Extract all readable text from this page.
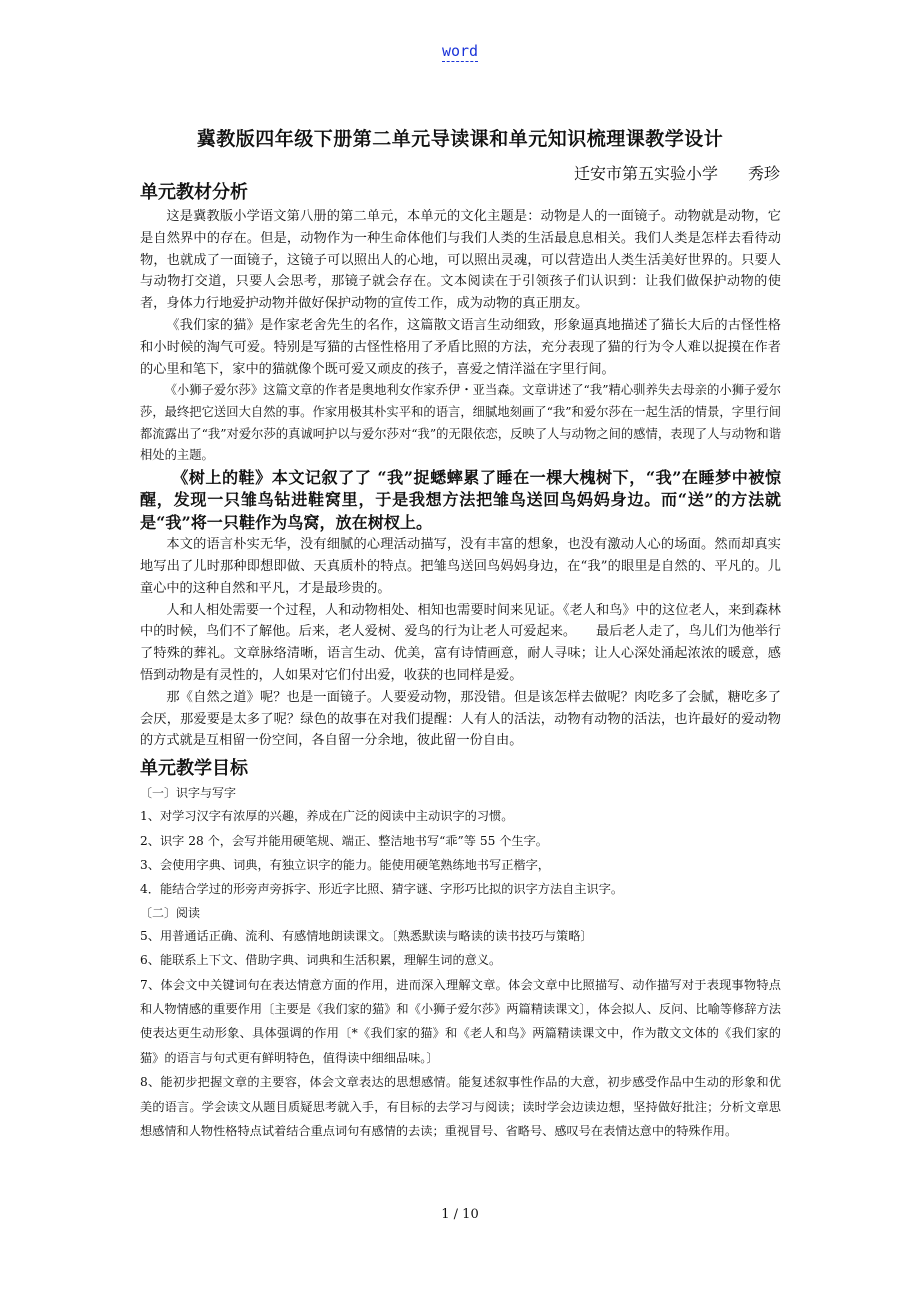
word
冀教版四年级下册第二单元导读课和单元知识梳理课教学设计
迁安市第五实验小学 秀珍
单元教材分析

这是冀教版小学语文第八册的第二单元，本单元的文化主题是：动物是人的一面镜子。动物就是动物，它是自然界中的存在。但是，动物作为一种生命体他们与我们人类的生活最息息相关。我们人类是怎样去看待动物，也就成了一面镜子，这镜子可以照出人的心地，可以照出灵魂，可以营造出人类生活美好世界的。只要人与动物打交道，只要人会思考，那镜子就会存在。文本阅读在于引领孩子们认识到：让我们做保护动物的使者，身体力行地爱护动物并做好保护动物的宣传工作，成为动物的真正朋友。

《我们家的猫》是作家老舍先生的名作，这篇散文语言生动细致，形象逼真地描述了猫长大后的古怪性格和小时候的淘气可爱。特别是写猫的古怪性格用了矛盾比照的方法，充分表现了猫的行为令人难以捉摸在作者的心里和笔下，家中的猫就像个既可爱又顽皮的孩子，喜爱之情洋溢在字里行间。

《小狮子爱尔莎》这篇文章的作者是奥地利女作家乔伊・亚当森。文章讲述了“我”精心驯养失去母亲的小狮子爱尔莎，最终把它送回大自然的事。作家用极其朴实平和的语言，细腻地刻画了“我”和爱尔莎在一起生活的情景，字里行间都流露出了“我”对爱尔莎的真诚呵护以与爱尔莎对“我”的无限依恋，反映了人与动物之间的感情，表现了人与动物和谐相处的主题。

《树上的鞋》本文记叙了了 “我”捉蟋蟀累了睡在一棵大槐树下，“我”在睡梦中被惊醒，发现一只雏鸟钻进鞋窝里，于是我想方法把雏鸟送回鸟妈妈身边。而“送”的方法就是“我”将一只鞋作为鸟窝，放在树杈上。

本文的语言朴实无华，没有细腻的心理活动描写，没有丰富的想象，也没有激动人心的场面。然而却真实地写出了儿时那种即想即做、天真质朴的特点。把雏鸟送回鸟妈妈身边，在“我”的眼里是自然的、平凡的。儿童心中的这种自然和平凡，才是最珍贵的。

人和人相处需要一个过程，人和动物相处、相知也需要时间来见证。《老人和鸟》中的这位老人，来到森林中的时候，鸟们不了解他。后来，老人爱树、爱鸟的行为让老人可爱起来。　　最后老人走了，鸟儿们为他举行了特殊的葬礼。文章脉络清晰，语言生动、优美，富有诗情画意，耐人寻味；让人心深处涌起浓浓的暖意，感悟到动物是有灵性的，人如果对它们付出爱，收获的也同样是爱。

那《自然之道》呢？也是一面镜子。人要爱动物，那没错。但是该怎样去做呢？肉吃多了会腻，糖吃多了会厌，那爱要是太多了呢？绿色的故事在对我们提醒：人有人的活法，动物有动物的活法，也许最好的爱动物的方式就是互相留一份空间，各自留一分余地，彼此留一份自由。

单元教学目标
〔一〕识字与写字
1、对学习汉字有浓厚的兴趣，养成在广泛的阅读中主动识字的习惯。
2、识字 28 个，会写并能用硬笔规、端正、整洁地书写“乖”等 55 个生字。
3、会使用字典、词典，有独立识字的能力。能使用硬笔熟练地书写正楷字，
4．能结合学过的形旁声旁拆字、形近字比照、猜字谜、字形巧比拟的识字方法自主识字。
〔二〕阅读
5、用普通话正确、流利、有感情地朗读课文。〔熟悉默读与略读的读书技巧与策略〕
6、能联系上下文、借助字典、词典和生活积累，理解生词的意义。
7、体会文中关键词句在表达情意方面的作用，进而深入理解文章。体会文章中比照描写、动作描写对于表现事物特点和人物情感的重要作用〔主要是《我们家的猫》和《小狮子爱尔莎》两篇精读课文〕，体会拟人、反问、比喻等修辞方法使表达更生动形象、具体强调的作用〔*《我们家的猫》和《老人和鸟》两篇精读课文中，作为散文文体的《我们家的猫》的语言与句式更有鲜明特色，值得读中细细品味。〕
8、能初步把握文章的主要容，体会文章表达的思想感情。能复述叙事性作品的大意，初步感受作品中生动的形象和优美的语言。学会读文从题目质疑思考就入手，有目标的去学习与阅读；读时学会边读边想，坚持做好批注；分析文章思想感情和人物性格特点试着结合重点词句有感情的去读；重视冒号、省略号、感叹号在表情达意中的特殊作用。
1 / 10
